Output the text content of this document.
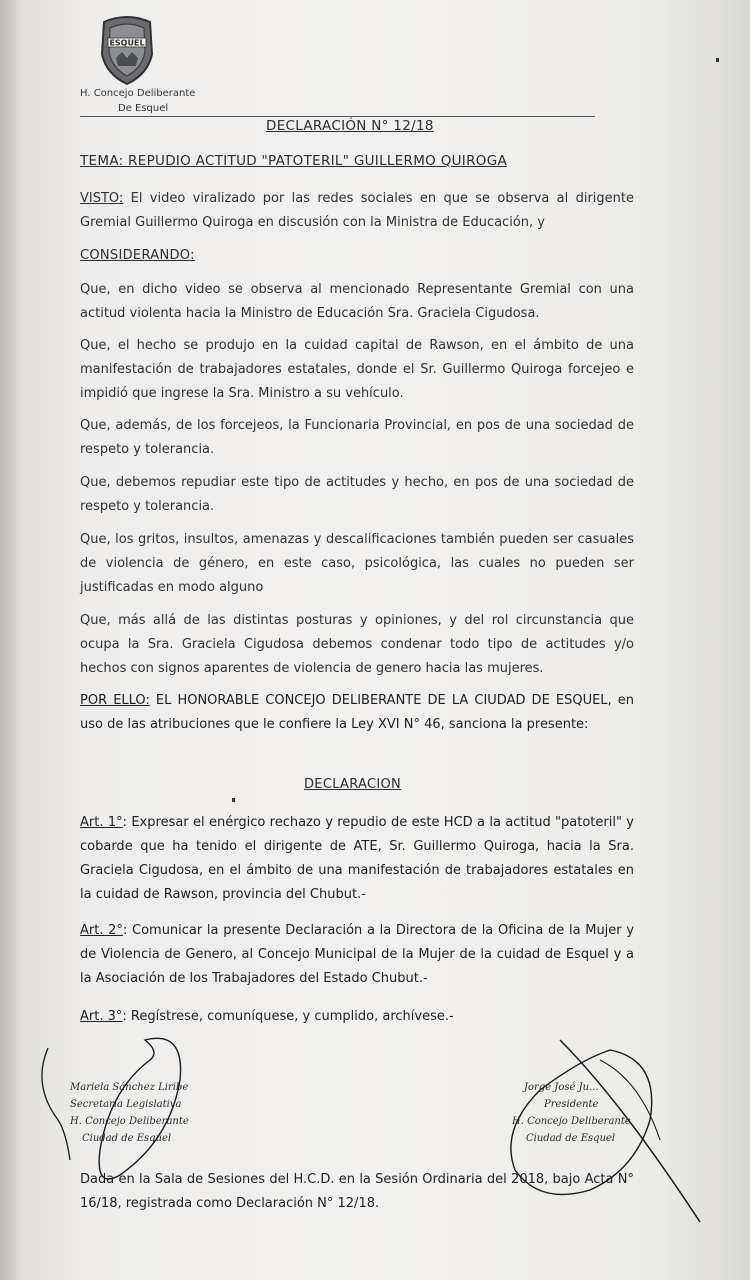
ESQUEL
H. Concejo Deliberante
De Esquel
DECLARACIÓN N° 12/18
TEMA: REPUDIO ACTITUD "PATOTERIL" GUILLERMO QUIROGA
VISTO: El video viralizado por las redes sociales en que se observa al dirigente Gremial Guillermo Quiroga en discusión con la Ministra de Educación, y
CONSIDERANDO:
Que, en dicho video se observa al mencionado Representante Gremial con una actitud violenta hacia la Ministro de Educación Sra. Graciela Cigudosa.
Que, el hecho se produjo en la cuidad capital de Rawson, en el ámbito de una manifestación de trabajadores estatales, donde el Sr. Guillermo Quiroga forcejeo e impidió que ingrese la Sra. Ministro a su vehículo.
Que, además, de los forcejeos, la Funcionaria Provincial, en pos de una sociedad de respeto y tolerancia.
Que, debemos repudiar este tipo de actitudes y hecho, en pos de una sociedad de respeto y tolerancia.
Que, los gritos, insultos, amenazas y descalificaciones también pueden ser casuales de violencia de género, en este caso, psicológica, las cuales no pueden ser justificadas en modo alguno
Que, más allá de las distintas posturas y opiniones, y del rol circunstancia que ocupa la Sra. Graciela Cigudosa debemos condenar todo tipo de actitudes y/o hechos con signos aparentes de violencia de genero hacia las mujeres.
POR ELLO: EL HONORABLE CONCEJO DELIBERANTE DE LA CIUDAD DE ESQUEL, en uso de las atribuciones que le confiere la Ley XVI N° 46, sanciona la presente:
DECLARACION
Art. 1°: Expresar el enérgico rechazo y repudio de este HCD a la actitud "patoteril" y cobarde que ha tenido el dirigente de ATE, Sr. Guillermo Quiroga, hacia la Sra. Graciela Cigudosa, en el ámbito de una manifestación de trabajadores estatales en la cuidad de Rawson, provincia del Chubut.-
Art. 2°: Comunicar la presente Declaración a la Directora de la Oficina de la Mujer y de Violencia de Genero, al Concejo Municipal de la Mujer de la cuidad de Esquel y a la Asociación de los Trabajadores del Estado Chubut.-
Art. 3°: Regístrese, comuníquese, y cumplido, archívese.-
Mariela Sánchez Liribe
Secretaria Legislativa
H. Concejo Deliberante
Ciudad de Esquel
Jorge José Ju...
Presidente
H. Concejo Deliberante
Ciudad de Esquel
Dada en la Sala de Sesiones del H.C.D. en la Sesión Ordinaria del 2018, bajo Acta N° 16/18, registrada como Declaración N° 12/18.
